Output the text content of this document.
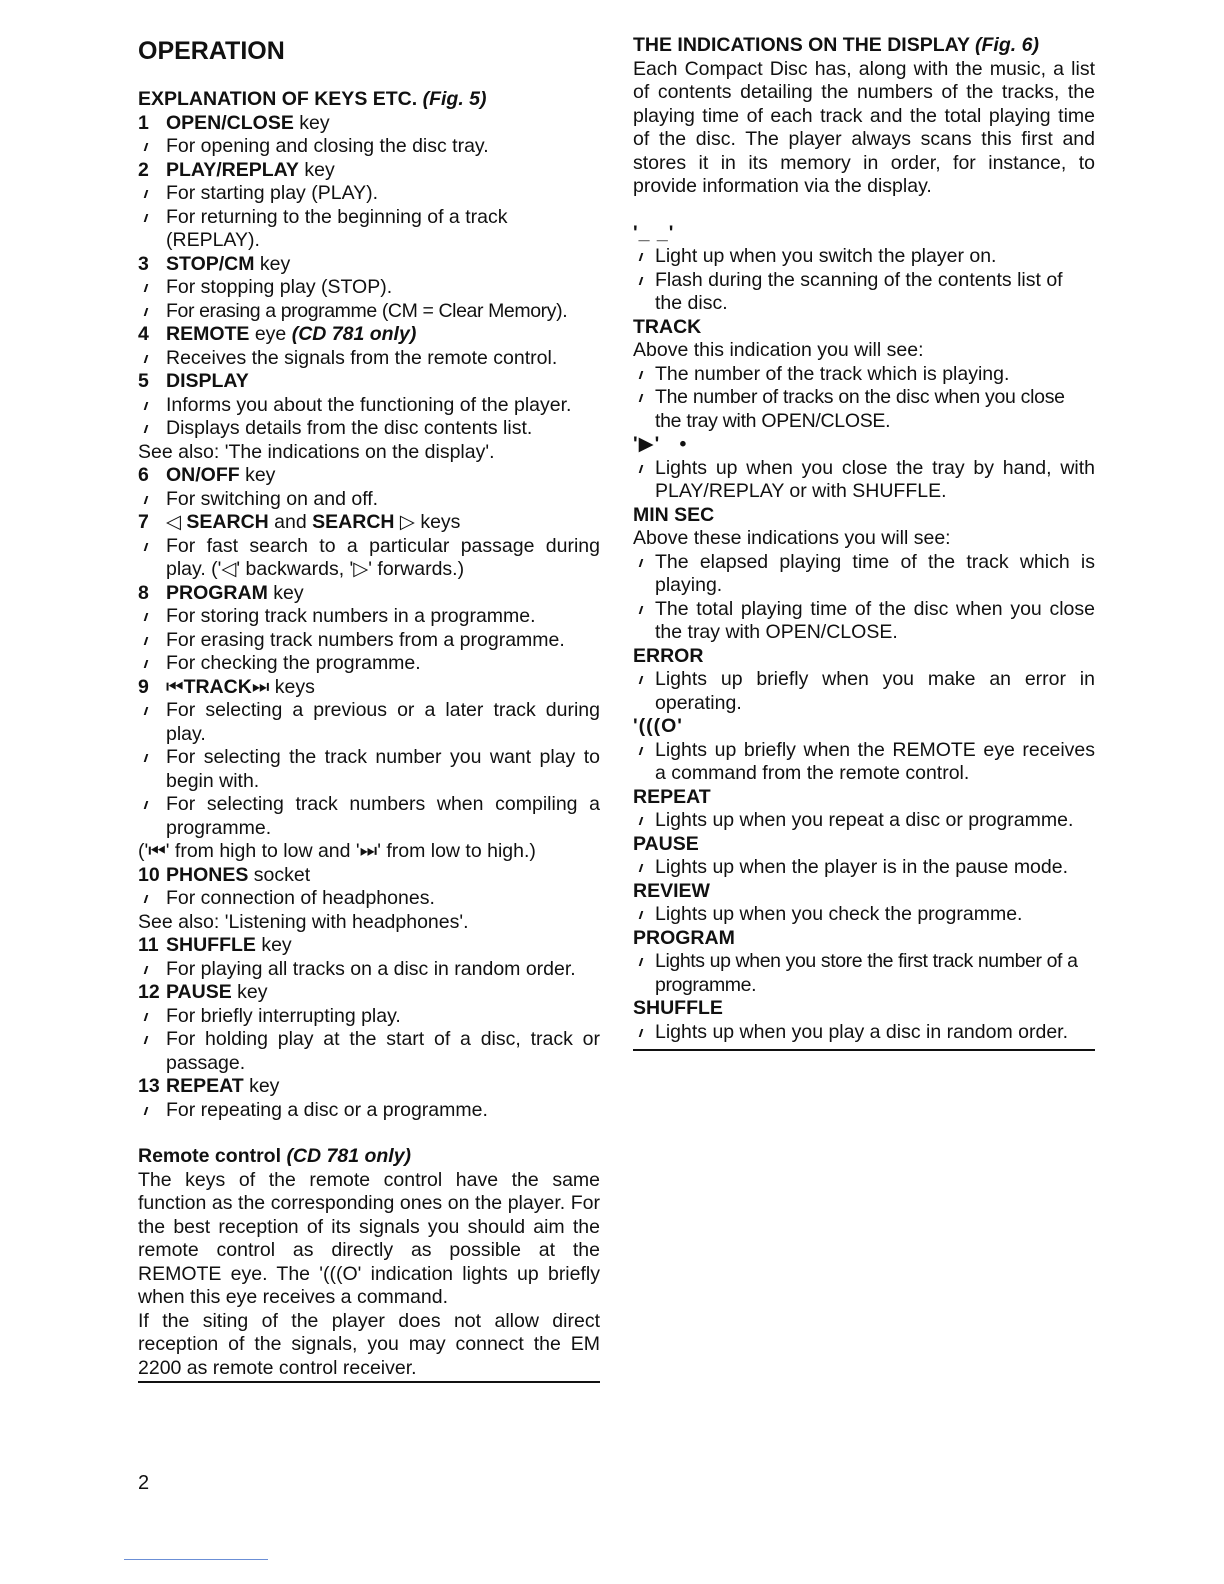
OPERATION
EXPLANATION OF KEYS ETC. (Fig. 5)
1 OPEN/CLOSE key
For opening and closing the disc tray.
2 PLAY/REPLAY key
For starting play (PLAY).
For returning to the beginning of a track (REPLAY).
3 STOP/CM key
For stopping play (STOP).
For erasing a programme (CM = Clear Memory).
4 REMOTE eye (CD 781 only)
Receives the signals from the remote control.
5 DISPLAY
Informs you about the functioning of the player.
Displays details from the disc contents list.
See also: 'The indications on the display'.
6 ON/OFF key
For switching on and off.
7 ◁ SEARCH and SEARCH ▷ keys
For fast search to a particular passage during play. ('◁' backwards, '▷' forwards.)
8 PROGRAM key
For storing track numbers in a programme.
For erasing track numbers from a programme.
For checking the programme.
9 ⏮TRACK⏭ keys
For selecting a previous or a later track during play.
For selecting the track number you want play to begin with.
For selecting track numbers when compiling a programme.
('⏮' from high to low and '⏭' from low to high.)
10 PHONES socket
For connection of headphones.
See also: 'Listening with headphones'.
11 SHUFFLE key
For playing all tracks on a disc in random order.
12 PAUSE key
For briefly interrupting play.
For holding play at the start of a disc, track or passage.
13 REPEAT key
For repeating a disc or a programme.
Remote control (CD 781 only)
The keys of the remote control have the same function as the corresponding ones on the player. For the best reception of its signals you should aim the remote control as directly as possible at the REMOTE eye. The '(((O' indication lights up briefly when this eye receives a command.
If the siting of the player does not allow direct reception of the signals, you may connect the EM 2200 as remote control receiver.
THE INDICATIONS ON THE DISPLAY (Fig. 6)
Each Compact Disc has, along with the music, a list of contents detailing the numbers of the tracks, the playing time of each track and the total playing time of the disc. The player always scans this first and stores it in its memory in order, for instance, to provide information via the display.
'_ _'
Light up when you switch the player on.
Flash during the scanning of the contents list of the disc.
TRACK
Above this indication you will see:
The number of the track which is playing.
The number of tracks on the disc when you close the tray with OPEN/CLOSE.
'▶'   •
Lights up when you close the tray by hand, with PLAY/REPLAY or with SHUFFLE.
MIN SEC
Above these indications you will see:
The elapsed playing time of the track which is playing.
The total playing time of the disc when you close the tray with OPEN/CLOSE.
ERROR
Lights up briefly when you make an error in operating.
'(((O'
Lights up briefly when the REMOTE eye receives a command from the remote control.
REPEAT
Lights up when you repeat a disc or programme.
PAUSE
Lights up when the player is in the pause mode.
REVIEW
Lights up when you check the programme.
PROGRAM
Lights up when you store the first track number of a programme.
SHUFFLE
Lights up when you play a disc in random order.
2
